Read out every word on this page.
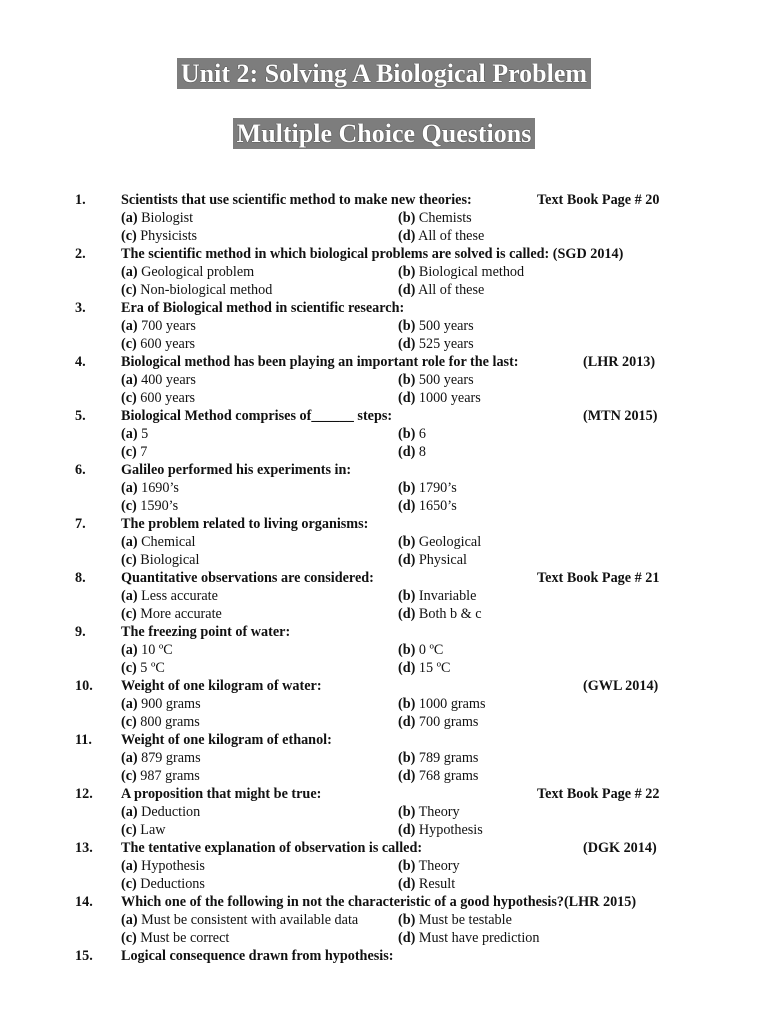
Unit 2: Solving A Biological Problem
Multiple Choice Questions
1. Scientists that use scientific method to make new theories:	Text Book Page # 20
(a) Biologist	(b) Chemists
(c) Physicists	(d) All of these
2. The scientific method in which biological problems are solved is called: (SGD 2014)
(a) Geological problem	(b) Biological method
(c) Non-biological method	(d) All of these
3. Era of Biological method in scientific research:
(a) 700 years	(b) 500 years
(c) 600 years	(d) 525 years
4. Biological method has been playing an important role for the last:	(LHR 2013)
(a) 400 years	(b) 500 years
(c) 600 years	(d) 1000 years
5. Biological Method comprises of______ steps:	(MTN 2015)
(a) 5	(b) 6
(c) 7	(d) 8
6. Galileo performed his experiments in:
(a) 1690’s	(b) 1790’s
(c) 1590’s	(d) 1650’s
7. The problem related to living organisms:
(a) Chemical	(b) Geological
(c) Biological	(d) Physical
8. Quantitative observations are considered:	Text Book Page # 21
(a) Less accurate	(b) Invariable
(c) More accurate	(d) Both b & c
9. The freezing point of water:
(a) 10 ºC	(b) 0 ºC
(c) 5 ºC	(d) 15 ºC
10. Weight of one kilogram of water:	(GWL 2014)
(a) 900 grams	(b) 1000 grams
(c) 800 grams	(d) 700 grams
11. Weight of one kilogram of ethanol:
(a) 879 grams	(b) 789 grams
(c) 987 grams	(d) 768 grams
12. A proposition that might be true:	Text Book Page # 22
(a) Deduction	(b) Theory
(c) Law	(d) Hypothesis
13. The tentative explanation of observation is called:	(DGK 2014)
(a) Hypothesis	(b) Theory
(c) Deductions	(d) Result
14. Which one of the following in not the characteristic of a good hypothesis?(LHR 2015)
(a) Must be consistent with available data	(b) Must be testable
(c) Must be correct	(d) Must have prediction
15. Logical consequence drawn from hypothesis:
